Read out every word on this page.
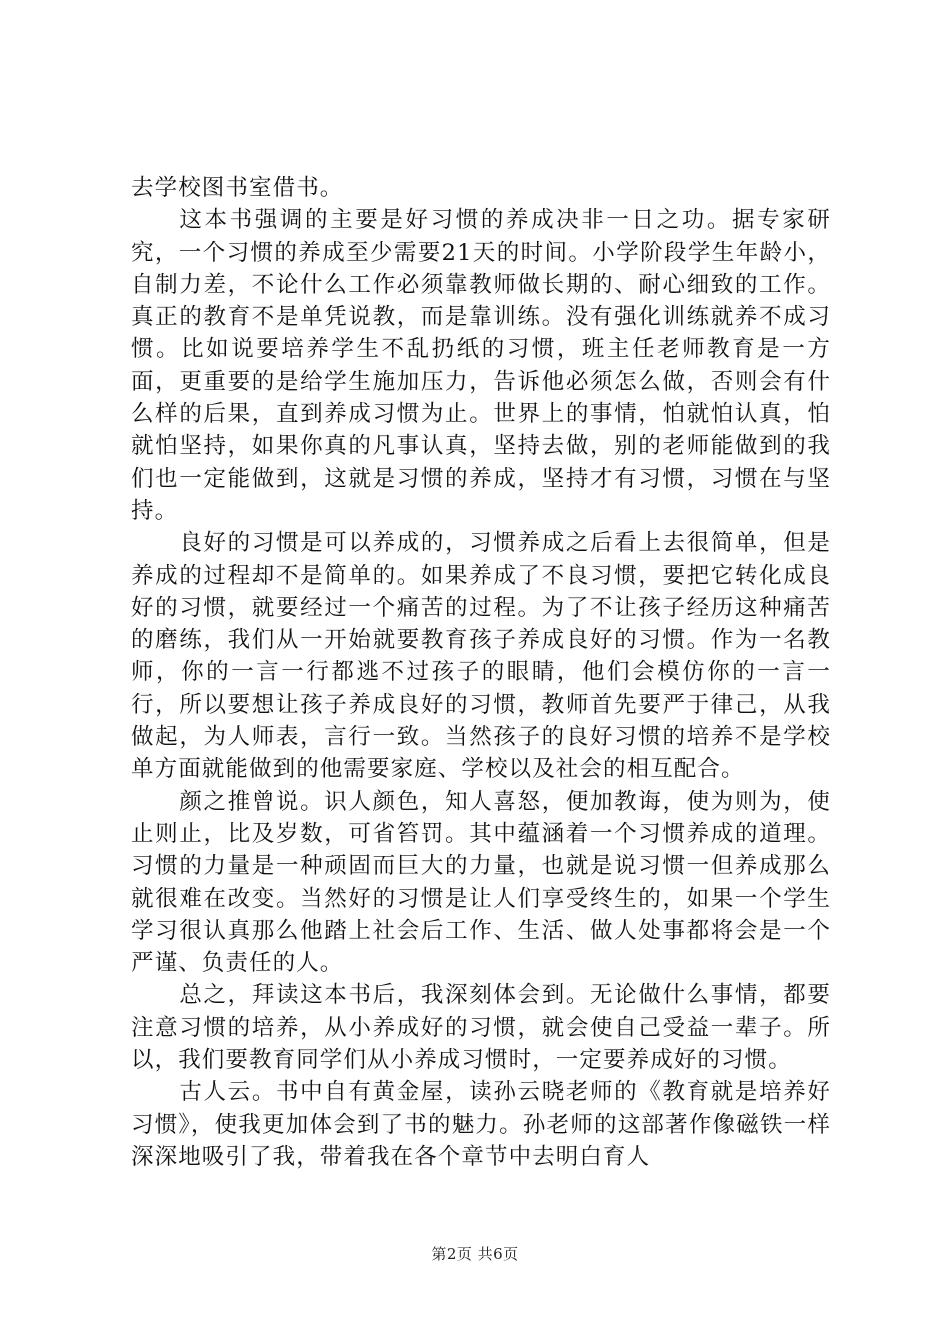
去学校图书室借书。

这本书强调的主要是好习惯的养成决非一日之功。据专家研究，一个习惯的养成至少需要21天的时间。小学阶段学生年龄小，自制力差，不论什么工作必须靠教师做长期的、耐心细致的工作。真正的教育不是单凭说教，而是靠训练。没有强化训练就养不成习惯。比如说要培养学生不乱扔纸的习惯，班主任老师教育是一方面，更重要的是给学生施加压力，告诉他必须怎么做，否则会有什么样的后果，直到养成习惯为止。世界上的事情，怕就怕认真，怕就怕坚持，如果你真的凡事认真，坚持去做，别的老师能做到的我们也一定能做到，这就是习惯的养成，坚持才有习惯，习惯在与坚持。

良好的习惯是可以养成的，习惯养成之后看上去很简单，但是养成的过程却不是简单的。如果养成了不良习惯，要把它转化成良好的习惯，就要经过一个痛苦的过程。为了不让孩子经历这种痛苦的磨练，我们从一开始就要教育孩子养成良好的习惯。作为一名教师，你的一言一行都逃不过孩子的眼睛，他们会模仿你的一言一行，所以要想让孩子养成良好的习惯，教师首先要严于律己，从我做起，为人师表，言行一致。当然孩子的良好习惯的培养不是学校单方面就能做到的他需要家庭、学校以及社会的相互配合。

颜之推曾说。识人颜色，知人喜怒，便加教诲，使为则为，使止则止，比及岁数，可省笞罚。其中蕴涵着一个习惯养成的道理。习惯的力量是一种顽固而巨大的力量，也就是说习惯一但养成那么就很难在改变。当然好的习惯是让人们享受终生的，如果一个学生学习很认真那么他踏上社会后工作、生活、做人处事都将会是一个严谨、负责任的人。

总之，拜读这本书后，我深刻体会到。无论做什么事情，都要注意习惯的培养，从小养成好的习惯，就会使自己受益一辈子。所以，我们要教育同学们从小养成习惯时，一定要养成好的习惯。

古人云。书中自有黄金屋，读孙云晓老师的《教育就是培养好习惯》，使我更加体会到了书的魅力。孙老师的这部著作像磁铁一样深深地吸引了我，带着我在各个章节中去明白育人

第2页 共6页
